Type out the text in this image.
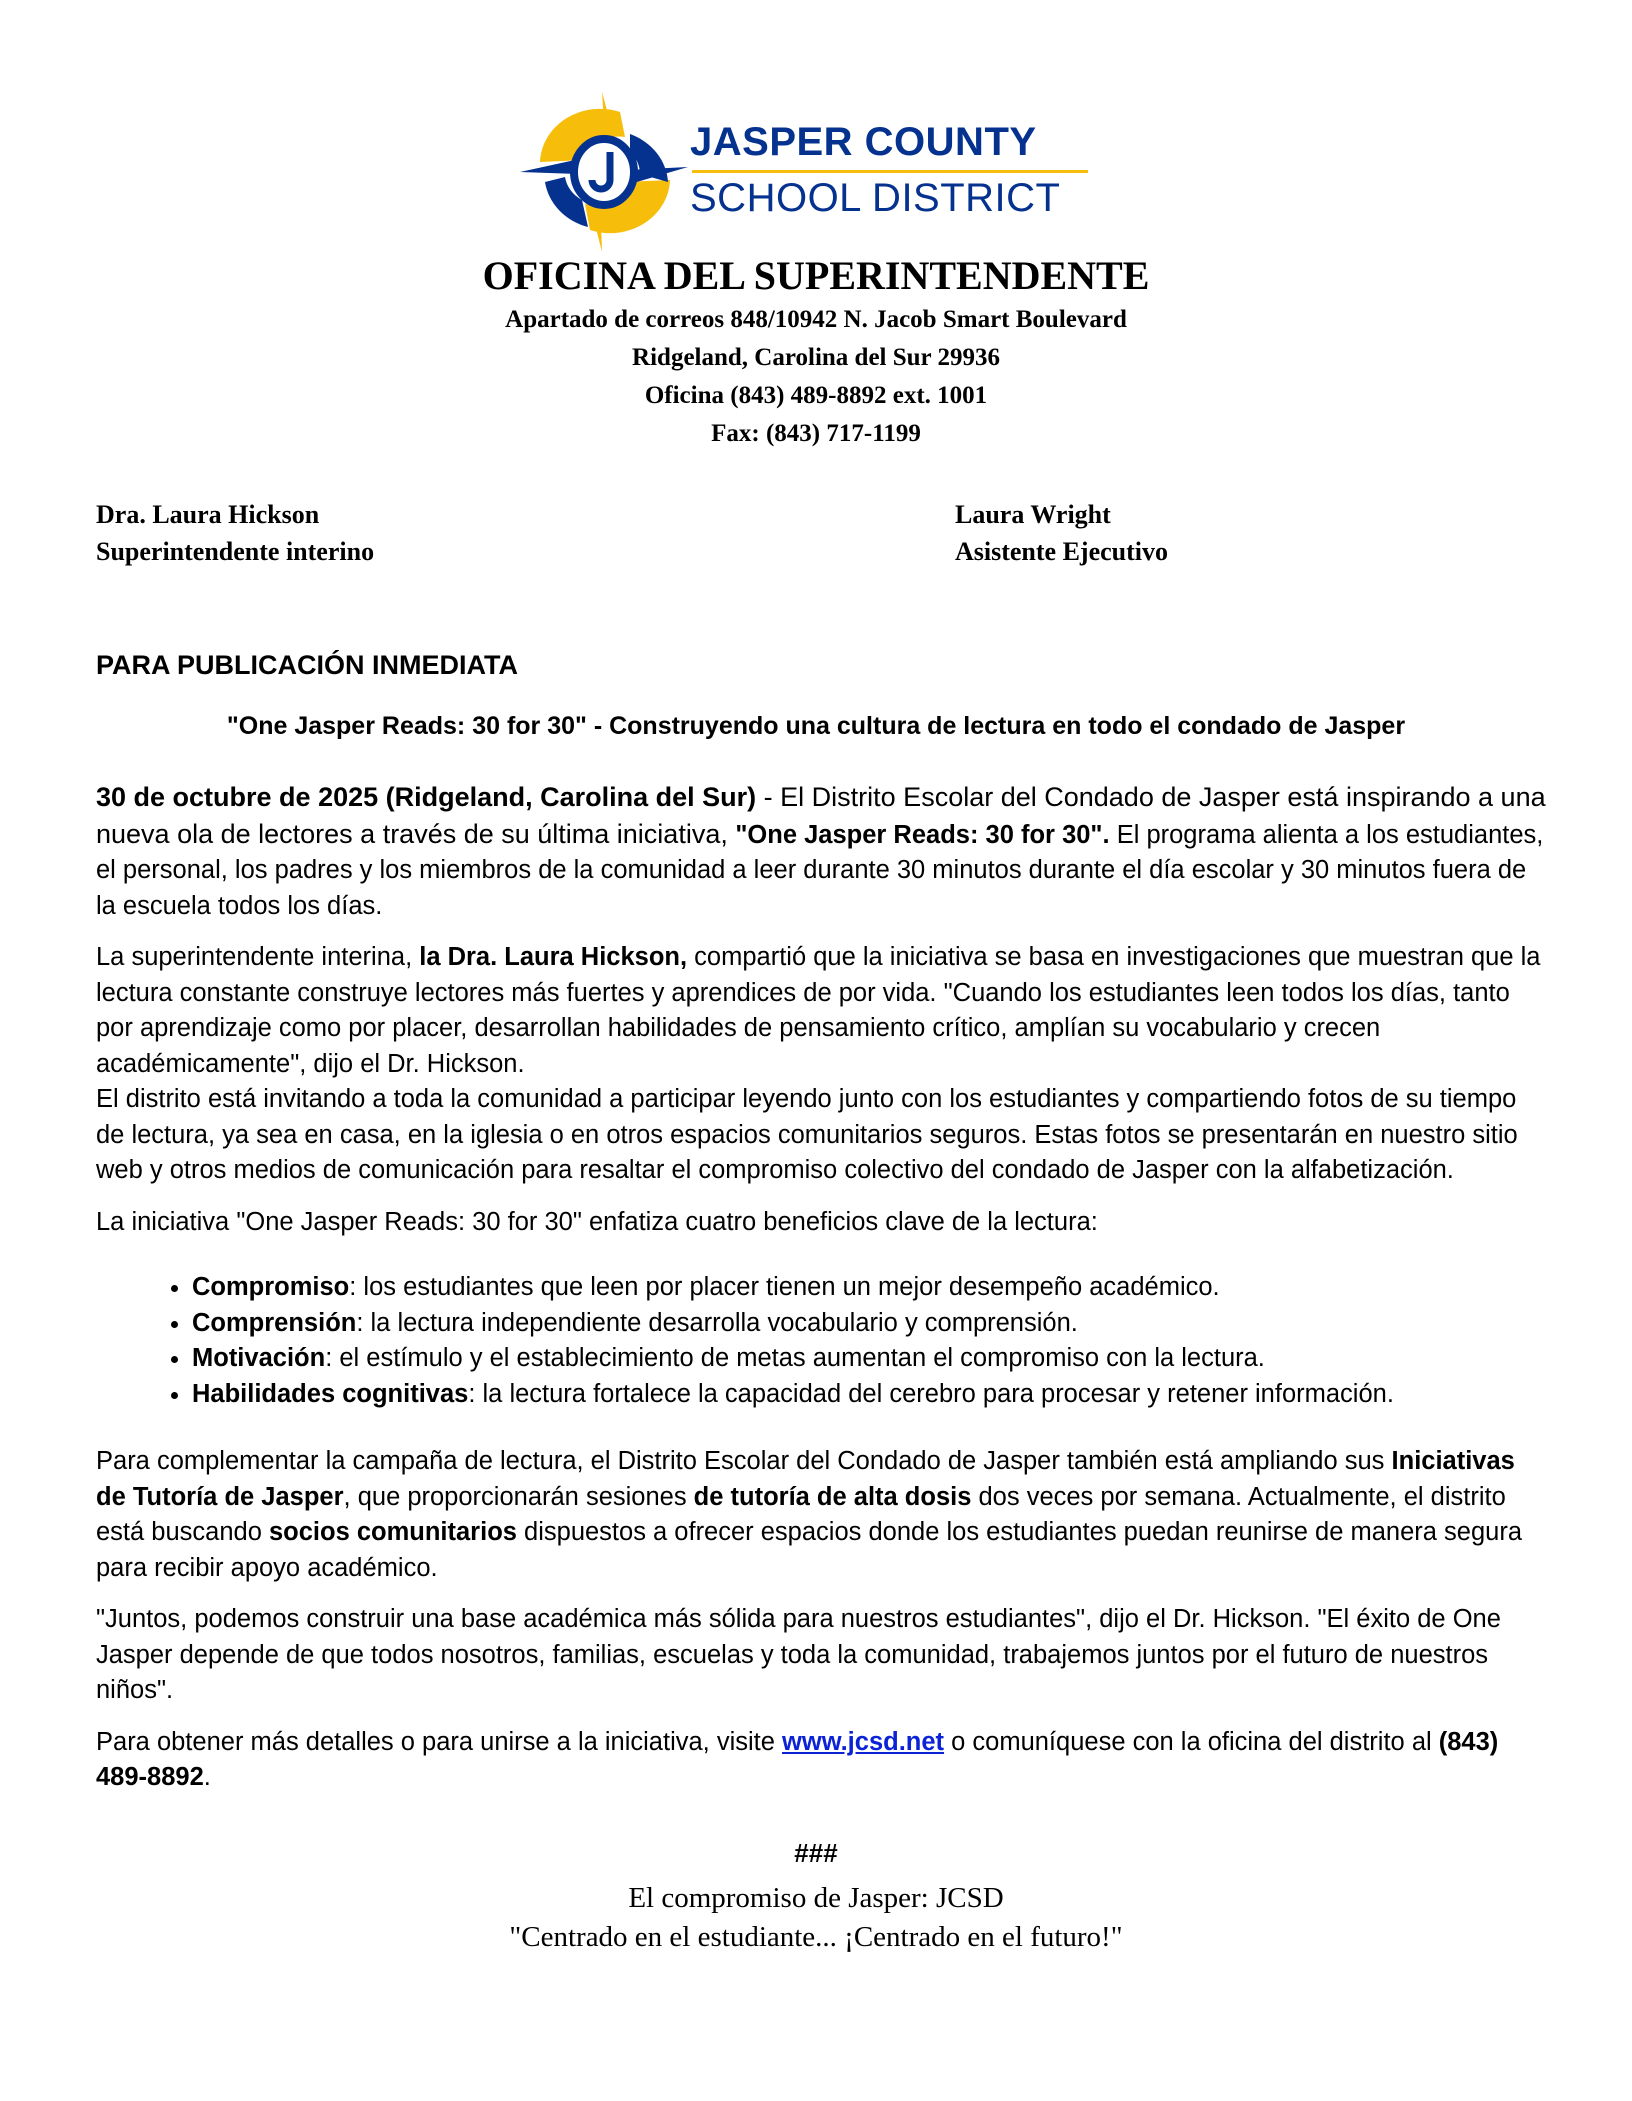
JASPER COUNTY
SCHOOL DISTRICT
OFICINA DEL SUPERINTENDENTE
Apartado de correos 848/10942 N. Jacob Smart Boulevard
Ridgeland, Carolina del Sur 29936
Oficina (843) 489-8892 ext. 1001
Fax: (843) 717-1199
Dra. Laura Hickson
Superintendente interino
Laura Wright
Asistente Ejecutivo
PARA PUBLICACIÓN INMEDIATA
"One Jasper Reads: 30 for 30" - Construyendo una cultura de lectura en todo el condado de Jasper

30 de octubre de 2025 (Ridgeland, Carolina del Sur) - El Distrito Escolar del Condado de Jasper está inspirando a una nueva ola de lectores a través de su última iniciativa, "One Jasper Reads: 30 for 30". El programa alienta a los estudiantes, el personal, los padres y los miembros de la comunidad a leer durante 30 minutos durante el día escolar y 30 minutos fuera de la escuela todos los días.

La superintendente interina, la Dra. Laura Hickson, compartió que la iniciativa se basa en investigaciones que muestran que la lectura constante construye lectores más fuertes y aprendices de por vida. "Cuando los estudiantes leen todos los días, tanto por aprendizaje como por placer, desarrollan habilidades de pensamiento crítico, amplían su vocabulario y crecen académicamente", dijo el Dr. Hickson.

El distrito está invitando a toda la comunidad a participar leyendo junto con los estudiantes y compartiendo fotos de su tiempo de lectura, ya sea en casa, en la iglesia o en otros espacios comunitarios seguros. Estas fotos se presentarán en nuestro sitio web y otros medios de comunicación para resaltar el compromiso colectivo del condado de Jasper con la alfabetización.

La iniciativa "One Jasper Reads: 30 for 30" enfatiza cuatro beneficios clave de la lectura:

• Compromiso: los estudiantes que leen por placer tienen un mejor desempeño académico.
• Comprensión: la lectura independiente desarrolla vocabulario y comprensión.
• Motivación: el estímulo y el establecimiento de metas aumentan el compromiso con la lectura.
• Habilidades cognitivas: la lectura fortalece la capacidad del cerebro para procesar y retener información.

Para complementar la campaña de lectura, el Distrito Escolar del Condado de Jasper también está ampliando sus Iniciativas de Tutoría de Jasper, que proporcionarán sesiones de tutoría de alta dosis dos veces por semana. Actualmente, el distrito está buscando socios comunitarios dispuestos a ofrecer espacios donde los estudiantes puedan reunirse de manera segura para recibir apoyo académico.

"Juntos, podemos construir una base académica más sólida para nuestros estudiantes", dijo el Dr. Hickson. "El éxito de One Jasper depende de que todos nosotros, familias, escuelas y toda la comunidad, trabajemos juntos por el futuro de nuestros niños".

Para obtener más detalles o para unirse a la iniciativa, visite www.jcsd.net o comuníquese con la oficina del distrito al (843) 489-8892.

###
El compromiso de Jasper: JCSD
"Centrado en el estudiante... ¡Centrado en el futuro!"
